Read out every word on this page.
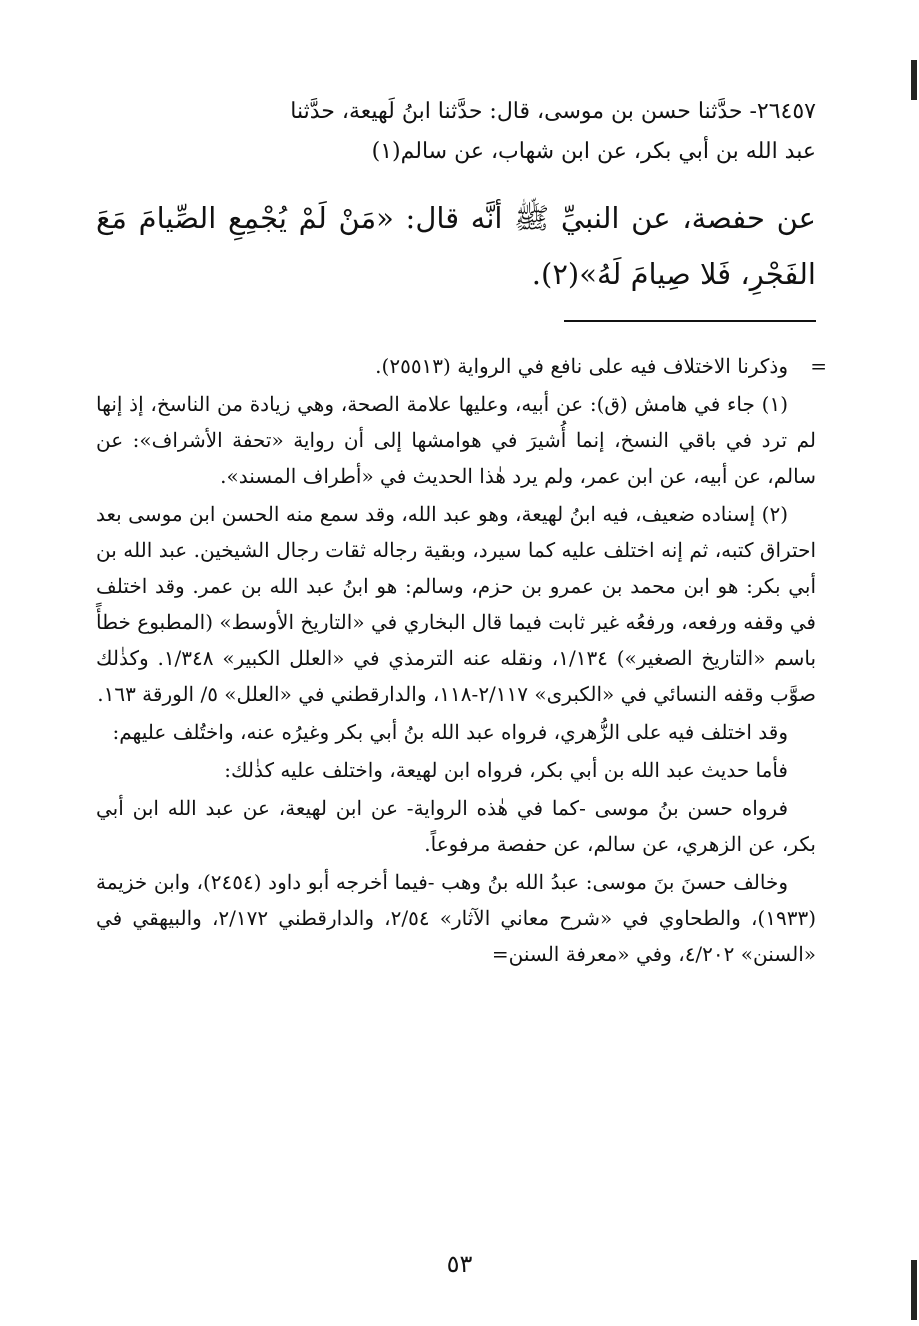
٢٦٤٥٧- حدَّثنا حسن بن موسى، قال: حدَّثنا ابنُ لَهيعة، حدَّثنا

عبد الله بن أبي بكر، عن ابن شهاب، عن سالم(١)

عن حفصة، عن النبيِّ ﷺ أنَّه قال: «مَنْ لَمْ يُجْمِعِ الصِّيامَ مَعَ الفَجْرِ، فَلا صِيامَ لَهُ»(٢).

=

وذكرنا الاختلاف فيه على نافع في الرواية (٢٥٥١٣).

(١) جاء في هامش (ق): عن أبيه، وعليها علامة الصحة، وهي زيادة من الناسخ، إذ إنها لم ترد في باقي النسخ، إنما أُشيرَ في هوامشها إلى أن رواية «تحفة الأشراف»: عن سالم، عن أبيه، عن ابن عمر، ولم يرد هٰذا الحديث في «أطراف المسند».

(٢) إسناده ضعيف، فيه ابنُ لهيعة، وهو عبد الله، وقد سمع منه الحسن ابن موسى بعد احتراق كتبه، ثم إنه اختلف عليه كما سيرد، وبقية رجاله ثقات رجال الشيخين. عبد الله بن أبي بكر: هو ابن محمد بن عمرو بن حزم، وسالم: هو ابنُ عبد الله بن عمر. وقد اختلف في وقفه ورفعه، ورفعُه غير ثابت فيما قال البخاري في «التاريخ الأوسط» (المطبوع خطأً باسم «التاريخ الصغير») ١/١٣٤، ونقله عنه الترمذي في «العلل الكبير» ١/٣٤٨. وكذٰلك صوَّب وقفه النسائي في «الكبرى» ٢/١١٧-١١٨، والدارقطني في «العلل» ٥/ الورقة ١٦٣.

وقد اختلف فيه على الزُّهري، فرواه عبد الله بنُ أبي بكر وغيرُه عنه، واختُلف عليهم:

فأما حديث عبد الله بن أبي بكر، فرواه ابن لهيعة، واختلف عليه كذٰلك:

فرواه حسن بنُ موسى -كما في هٰذه الرواية- عن ابن لهيعة، عن عبد الله ابن أبي بكر، عن الزهري، عن سالم، عن حفصة مرفوعاً.

وخالف حسنَ بنَ موسى: عبدُ الله بنُ وهب -فيما أخرجه أبو داود (٢٤٥٤)، وابن خزيمة (١٩٣٣)، والطحاوي في «شرح معاني الآثار» ٢/٥٤، والدارقطني ٢/١٧٢، والبيهقي في «السنن» ٤/٢٠٢، وفي «معرفة السنن=

٥٣
